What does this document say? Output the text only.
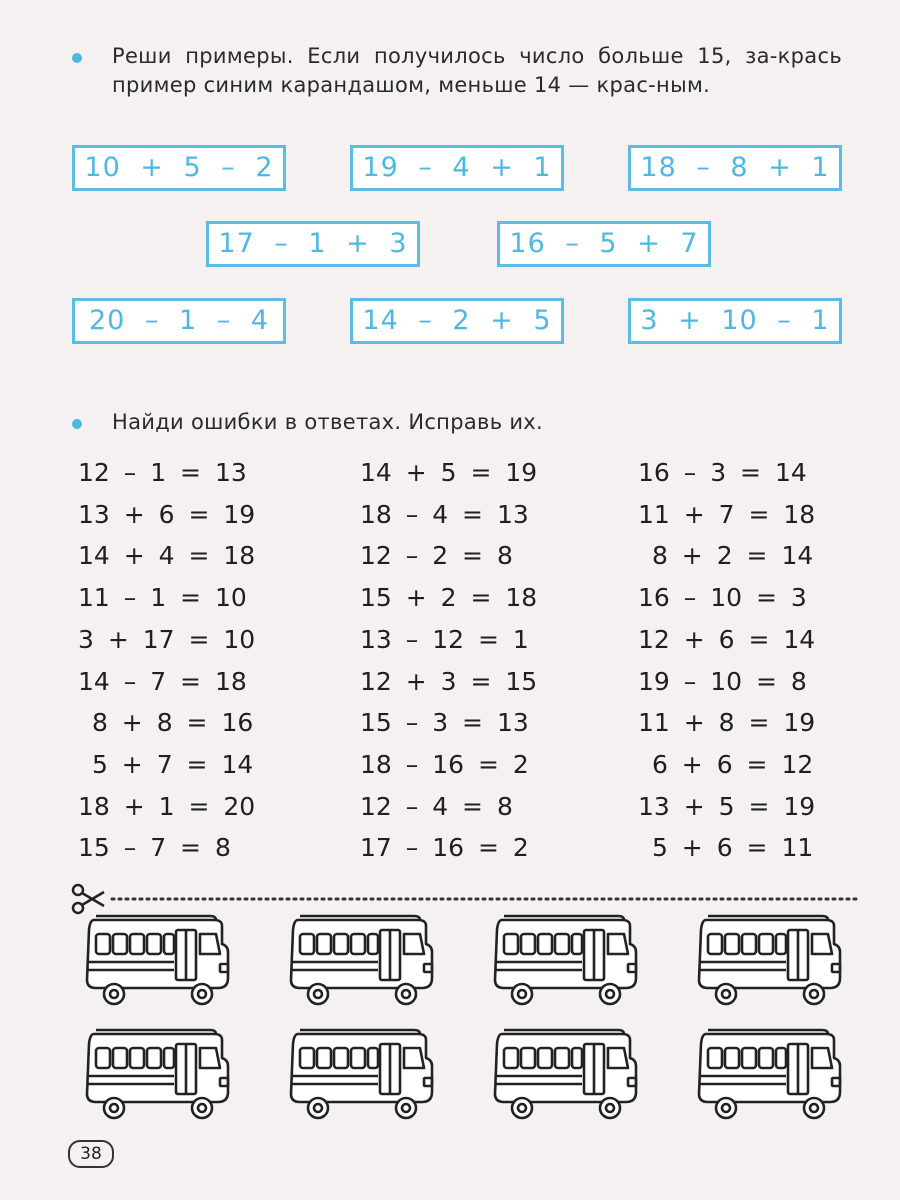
Реши примеры. Если получилось число больше 15, за-крась пример синим карандашом, меньше 14 — крас-ным.
10 + 5 – 2	19 – 4 + 1	18 – 8 + 1
17 – 1 + 3	16 – 5 + 7
20 – 1 – 4	14 – 2 + 5	3 + 10 – 1
Найди ошибки в ответах. Исправь их.
12 – 1 = 13
13 + 6 = 19
14 + 4 = 18
11 – 1 = 10
3 + 17 = 10
14 – 7 = 18
8 + 8 = 16
5 + 7 = 14
18 + 1 = 20
15 – 7 = 8
14 + 5 = 19
18 – 4 = 13
12 – 2 = 8
15 + 2 = 18
13 – 12 = 1
12 + 3 = 15
15 – 3 = 13
18 – 16 = 2
12 – 4 = 8
17 – 16 = 2
16 – 3 = 14
11 + 7 = 18
8 + 2 = 14
16 – 10 = 3
12 + 6 = 14
19 – 10 = 8
11 + 8 = 19
6 + 6 = 12
13 + 5 = 19
5 + 6 = 11
38
